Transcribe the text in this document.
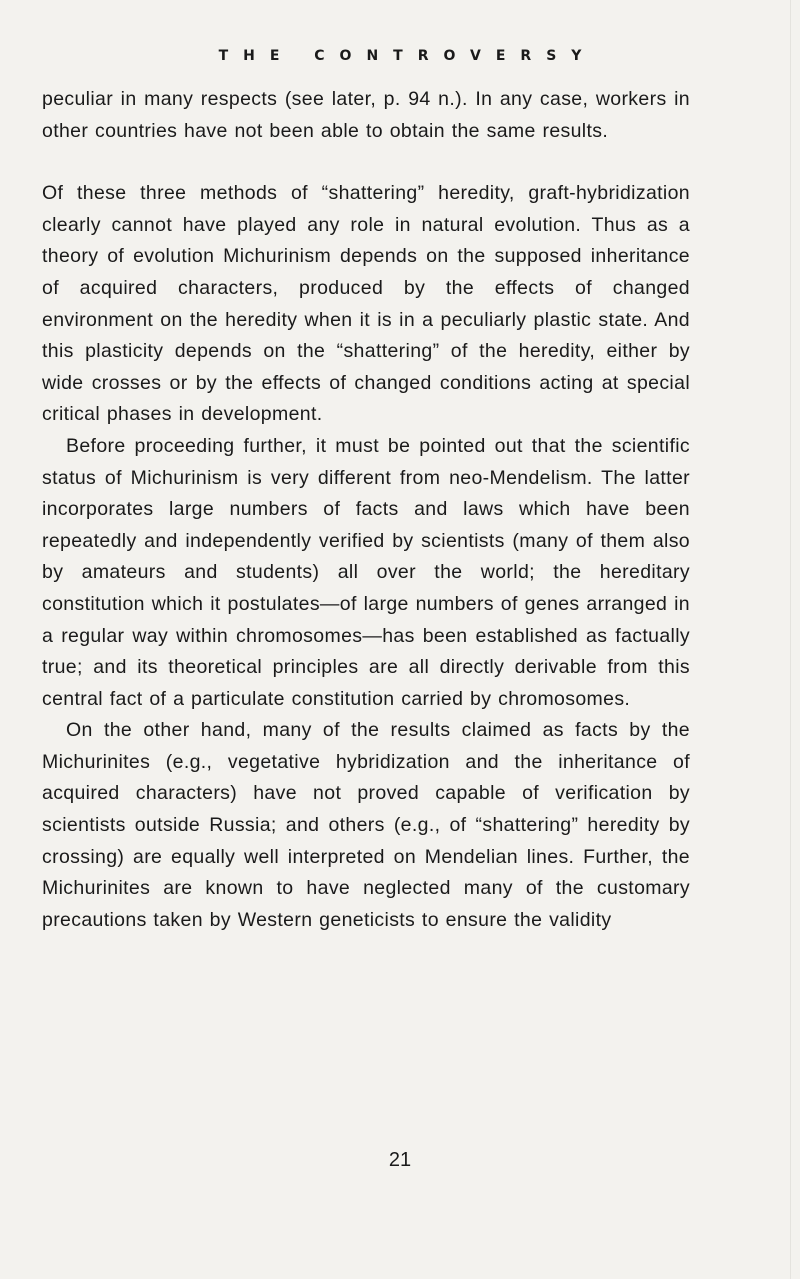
THE CONTROVERSY

peculiar in many respects (see later, p. 94 n.). In any case, workers in other countries have not been able to obtain the same results.

Of these three methods of “shattering” heredity, graft-hybridization clearly cannot have played any role in natural evolution. Thus as a theory of evolution Michurinism depends on the supposed inheritance of acquired characters, produced by the effects of changed environment on the heredity when it is in a peculiarly plastic state. And this plasticity depends on the “shattering” of the heredity, either by wide crosses or by the effects of changed conditions acting at special critical phases in development.

Before proceeding further, it must be pointed out that the scientific status of Michurinism is very different from neo-Mendelism. The latter incorporates large numbers of facts and laws which have been repeatedly and independently verified by scientists (many of them also by amateurs and students) all over the world; the hereditary constitution which it postulates—of large numbers of genes arranged in a regular way within chromosomes—has been established as factually true; and its theoretical principles are all directly derivable from this central fact of a particulate constitution carried by chromosomes.

On the other hand, many of the results claimed as facts by the Michurinites (e.g., vegetative hybridization and the inheritance of acquired characters) have not proved capable of verification by scientists outside Russia; and others (e.g., of “shattering” heredity by crossing) are equally well interpreted on Mendelian lines. Further, the Michurinites are known to have neglected many of the customary precautions taken by Western geneticists to ensure the validity

21
